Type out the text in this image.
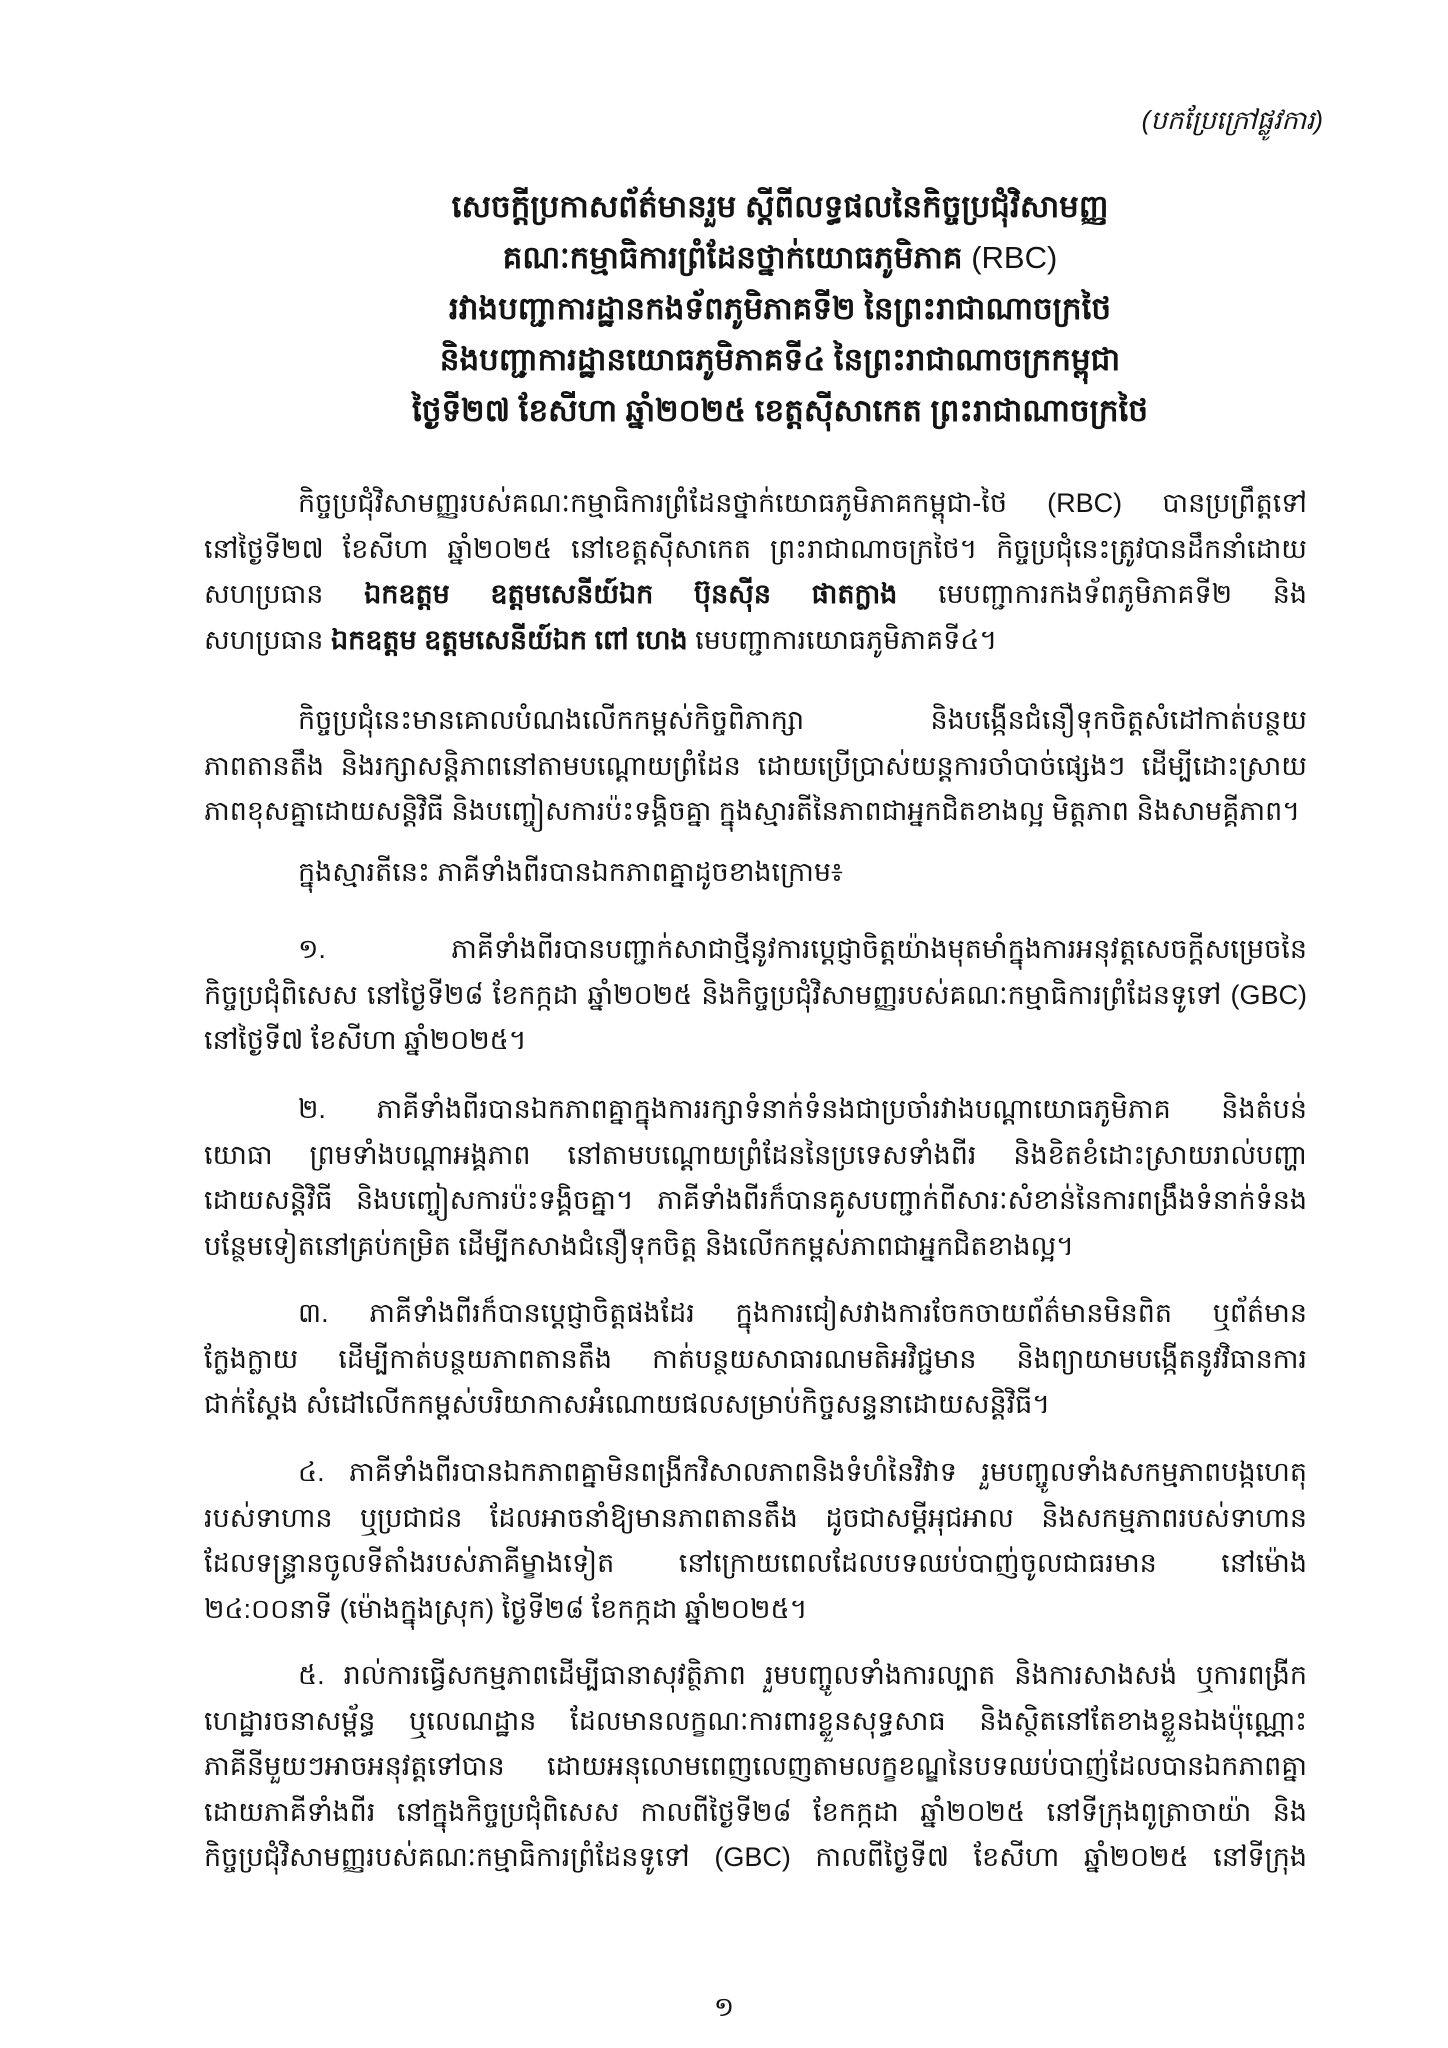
(បកប្រែក្រៅផ្លូវការ)
សេចក្តីប្រកាសព័ត៌មានរួម ស្តីពីលទ្ធផលនៃកិច្ចប្រជុំវិសាមញ្ញ
គណៈកម្មាធិការព្រំដែនថ្នាក់យោធភូមិភាគ (RBC)
រវាងបញ្ជាការដ្ឋានកងទ័ពភូមិភាគទី២ នៃព្រះរាជាណាចក្រថៃ
និងបញ្ជាការដ្ឋានយោធភូមិភាគទី៤ នៃព្រះរាជាណាចក្រកម្ពុជា
ថ្ងៃទី២៧ ខែសីហា ឆ្នាំ២០២៥ ខេត្តស៊ីសាកេត ព្រះរាជាណាចក្រថៃ
កិច្ចប្រជុំវិសាមញ្ញរបស់គណៈកម្មាធិការព្រំដែនថ្នាក់យោធភូមិភាគកម្ពុជា-ថៃ (RBC) បានប្រព្រឹត្តទៅ
នៅថ្ងៃទី២៧ ខែសីហា ឆ្នាំ២០២៥ នៅខេត្តស៊ីសាកេត ព្រះរាជាណាចក្រថៃ។ កិច្ចប្រជុំនេះត្រូវបានដឹកនាំដោយ
សហប្រធាន ឯកឧត្តម ឧត្តមសេនីយ៍ឯក ប៊ុនស៊ីន ផាតក្លាង មេបញ្ជាការកងទ័ពភូមិភាគទី២ និង
សហប្រធាន ឯកឧត្តម ឧត្តមសេនីយ៍ឯក ពៅ ហេង មេបញ្ជាការយោធភូមិភាគទី៤។
កិច្ចប្រជុំនេះមានគោលបំណងលើកកម្ពស់កិច្ចពិភាក្សា និងបង្កើនជំនឿទុកចិត្តសំដៅកាត់បន្ថយ
ភាពតានតឹង និងរក្សាសន្តិភាពនៅតាមបណ្តោយព្រំដែន ដោយប្រើប្រាស់យន្តការចាំបាច់ផ្សេងៗ ដើម្បីដោះស្រាយ
ភាពខុសគ្នាដោយសន្តិវិធី និងបញ្ចៀសការប៉ះទង្គិចគ្នា ក្នុងស្មារតីនៃភាពជាអ្នកជិតខាងល្អ មិត្តភាព និងសាមគ្គីភាព។
ក្នុងស្មារតីនេះ ភាគីទាំងពីរបានឯកភាពគ្នាដូចខាងក្រោម៖
១. ភាគីទាំងពីរបានបញ្ជាក់សាជាថ្មីនូវការប្តេជ្ញាចិត្តយ៉ាងមុតមាំក្នុងការអនុវត្តសេចក្តីសម្រេចនៃ
កិច្ចប្រជុំពិសេស នៅថ្ងៃទី២៨ ខែកក្កដា ឆ្នាំ២០២៥ និងកិច្ចប្រជុំវិសាមញ្ញរបស់គណៈកម្មាធិការព្រំដែនទូទៅ (GBC)
នៅថ្ងៃទី៧ ខែសីហា ឆ្នាំ២០២៥។
២. ភាគីទាំងពីរបានឯកភាពគ្នាក្នុងការរក្សាទំនាក់ទំនងជាប្រចាំរវាងបណ្តាយោធភូមិភាគ និងតំបន់
យោធា ព្រមទាំងបណ្តាអង្គភាព នៅតាមបណ្តោយព្រំដែននៃប្រទេសទាំងពីរ និងខិតខំដោះស្រាយរាល់បញ្ហា
ដោយសន្តិវិធី និងបញ្ចៀសការប៉ះទង្គិចគ្នា។ ភាគីទាំងពីរក៏បានគូសបញ្ជាក់ពីសារៈសំខាន់នៃការពង្រឹងទំនាក់ទំនង
បន្ថែមទៀតនៅគ្រប់កម្រិត ដើម្បីកសាងជំនឿទុកចិត្ត និងលើកកម្ពស់ភាពជាអ្នកជិតខាងល្អ។
៣. ភាគីទាំងពីរក៏បានប្តេជ្ញាចិត្តផងដែរ ក្នុងការជៀសវាងការចែកចាយព័ត៌មានមិនពិត ឬព័ត៌មាន
ក្លែងក្លាយ ដើម្បីកាត់បន្ថយភាពតានតឹង កាត់បន្ថយសាធារណមតិអវិជ្ជមាន និងព្យាយាមបង្កើតនូវវិធានការ
ជាក់ស្តែង សំដៅលើកកម្ពស់បរិយាកាសអំណោយផលសម្រាប់កិច្ចសន្ទនាដោយសន្តិវិធី។
៤. ភាគីទាំងពីរបានឯកភាពគ្នាមិនពង្រីកវិសាលភាពនិងទំហំនៃវិវាទ រួមបញ្ចូលទាំងសកម្មភាពបង្កហេតុ
របស់ទាហាន ឬប្រជាជន ដែលអាចនាំឱ្យមានភាពតានតឹង ដូចជាសម្តីអុជអាល និងសកម្មភាពរបស់ទាហាន
ដែលទន្ទ្រានចូលទីតាំងរបស់ភាគីម្ខាងទៀត នៅក្រោយពេលដែលបទឈប់បាញ់ចូលជាធរមាន នៅម៉ោង
២៤:០០នាទី (ម៉ោងក្នុងស្រុក) ថ្ងៃទី២៨ ខែកក្កដា ឆ្នាំ២០២៥។
៥. រាល់ការធ្វើសកម្មភាពដើម្បីធានាសុវត្ថិភាព រួមបញ្ចូលទាំងការល្បាត និងការសាងសង់ ឬការពង្រីក
ហេដ្ឋារចនាសម្ព័ន្ធ ឬលេណដ្ឋាន ដែលមានលក្ខណៈការពារខ្លួនសុទ្ធសាធ និងស្ថិតនៅតែខាងខ្លួនឯងប៉ុណ្ណោះ
ភាគីនីមួយៗអាចអនុវត្តទៅបាន ដោយអនុលោមពេញលេញតាមលក្ខខណ្ឌនៃបទឈប់បាញ់ដែលបានឯកភាពគ្នា
ដោយភាគីទាំងពីរ នៅក្នុងកិច្ចប្រជុំពិសេស កាលពីថ្ងៃទី២៨ ខែកក្កដា ឆ្នាំ២០២៥ នៅទីក្រុងពូត្រាចាយ៉ា និង
កិច្ចប្រជុំវិសាមញ្ញរបស់គណៈកម្មាធិការព្រំដែនទូទៅ (GBC) កាលពីថ្ងៃទី៧ ខែសីហា ឆ្នាំ២០២៥ នៅទីក្រុង
១
